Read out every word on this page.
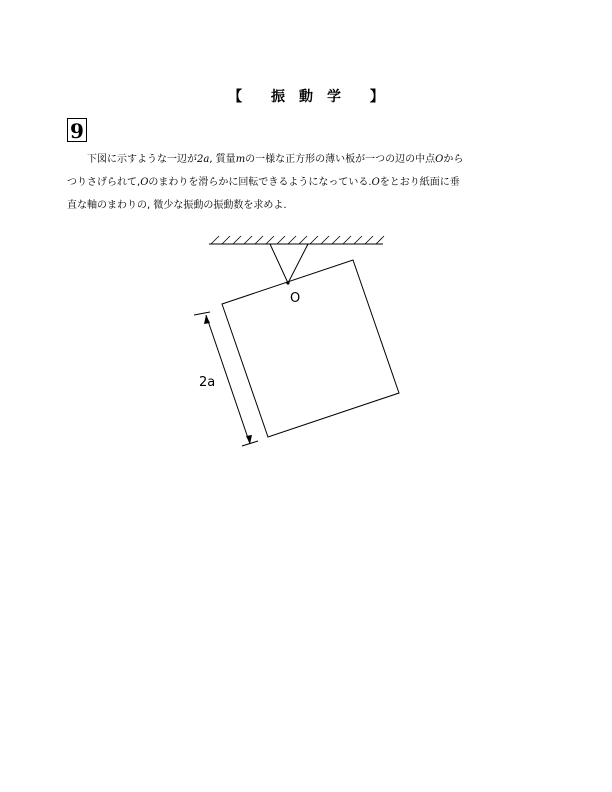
【 振動学 】
9
下図に示すような一辺が2a, 質量mの一様な正方形の薄い板が一つの辺の中点Oから
つりさげられて,Oのまわりを滑らかに回転できるようになっている.Oをとおり紙面に垂
直な軸のまわりの, 微少な振動の振動数を求めよ.
O
2a
